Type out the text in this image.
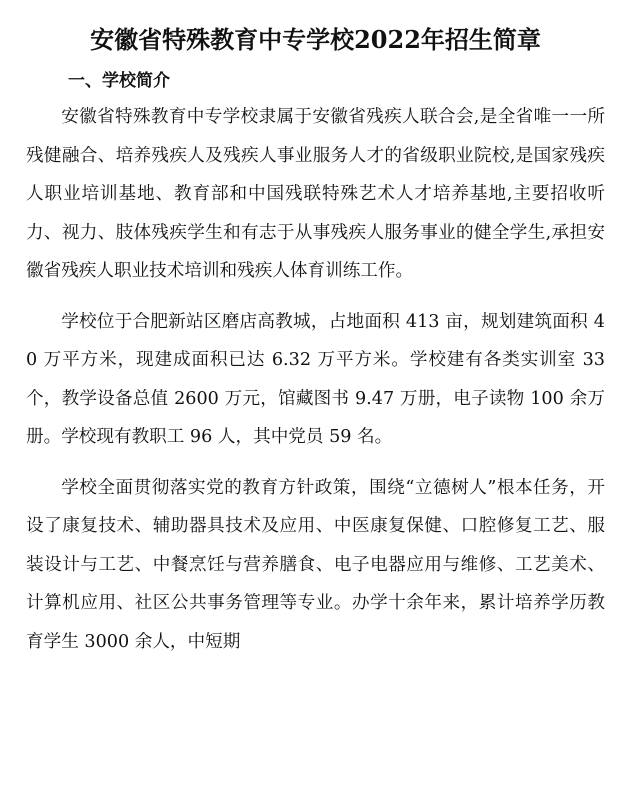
安徽省特殊教育中专学校2022年招生简章
一、学校简介

安徽省特殊教育中专学校隶属于安徽省残疾人联合会,是全省唯一一所残健融合、培养残疾人及残疾人事业服务人才的省级职业院校,是国家残疾人职业培训基地、教育部和中国残联特殊艺术人才培养基地,主要招收听力、视力、肢体残疾学生和有志于从事残疾人服务事业的健全学生,承担安徽省残疾人职业技术培训和残疾人体育训练工作。

学校位于合肥新站区磨店高教城，占地面积 413 亩，规划建筑面积 40 万平方米，现建成面积已达 6.32 万平方米。学校建有各类实训室 33 个，教学设备总值 2600 万元，馆藏图书 9.47 万册，电子读物 100 余万册。学校现有教职工 96 人，其中党员 59 名。

学校全面贯彻落实党的教育方针政策，围绕“立德树人”根本任务，开设了康复技术、辅助器具技术及应用、中医康复保健、口腔修复工艺、服装设计与工艺、中餐烹饪与营养膳食、电子电器应用与维修、工艺美术、计算机应用、社区公共事务管理等专业。办学十余年来，累计培养学历教育学生 3000 余人，中短期
